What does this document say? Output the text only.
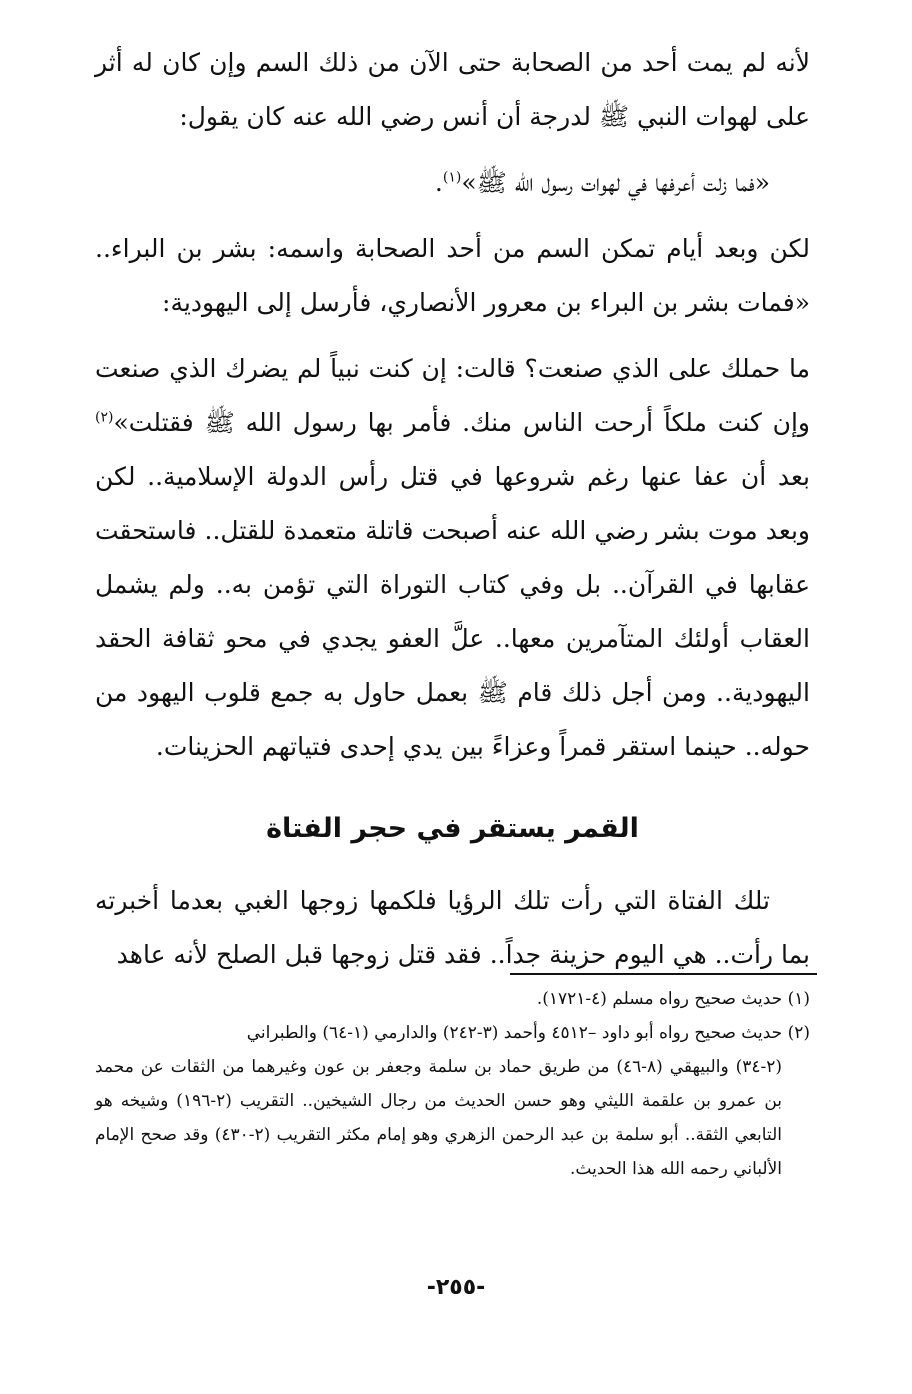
لأنه لم يمت أحد من الصحابة حتى الآن من ذلك السم وإن كان له أثر على لهوات النبي ﷺ لدرجة أن أنس رضي الله عنه كان يقول:

«فما زلت أعرفها في لهوات رسول الله ﷺ»$^{(١)}$.

لكن وبعد أيام تمكن السم من أحد الصحابة واسمه: بشر بن البراء.. «فمات بشر بن البراء بن معرور الأنصاري، فأرسل إلى اليهودية:

ما حملك على الذي صنعت؟ قالت: إن كنت نبياً لم يضرك الذي صنعت وإن كنت ملكاً أرحت الناس منك. فأمر بها رسول الله ﷺ فقتلت»$^{(٢)}$ بعد أن عفا عنها رغم شروعها في قتل رأس الدولة الإسلامية.. لكن وبعد موت بشر رضي الله عنه أصبحت قاتلة متعمدة للقتل.. فاستحقت عقابها في القرآن.. بل وفي كتاب التوراة التي تؤمن به.. ولم يشمل العقاب أولئك المتآمرين معها.. علَّ العفو يجدي في محو ثقافة الحقد اليهودية.. ومن أجل ذلك قام ﷺ بعمل حاول به جمع قلوب اليهود من حوله.. حينما استقر قمراً وعزاءً بين يدي إحدى فتياتهم الحزينات.

القمر يستقر في حجر الفتاة

تلك الفتاة التي رأت تلك الرؤيا فلكمها زوجها الغبي بعدما أخبرته بما رأت.. هي اليوم حزينة جداً.. فقد قتل زوجها قبل الصلح لأنه عاهد

(١) حديث صحيح رواه مسلم (٤-١٧٢١).

(٢) حديث صحيح رواه أبو داود –٤٥١٢ وأحمد (٣-٢٤٢) والدارمي (١-٦٤) والطبراني

(٢-٣٤) والبيهقي (٨-٤٦) من طريق حماد بن سلمة وجعفر بن عون وغيرهما من الثقات عن محمد بن عمرو بن علقمة الليثي وهو حسن الحديث من رجال الشيخين.. التقريب (٢-١٩٦) وشيخه هو التابعي الثقة.. أبو سلمة بن عبد الرحمن الزهري وهو إمام مكثر التقريب (٢-٤٣٠) وقد صحح الإمام الألباني رحمه الله هذا الحديث.

-٢٥٥-
